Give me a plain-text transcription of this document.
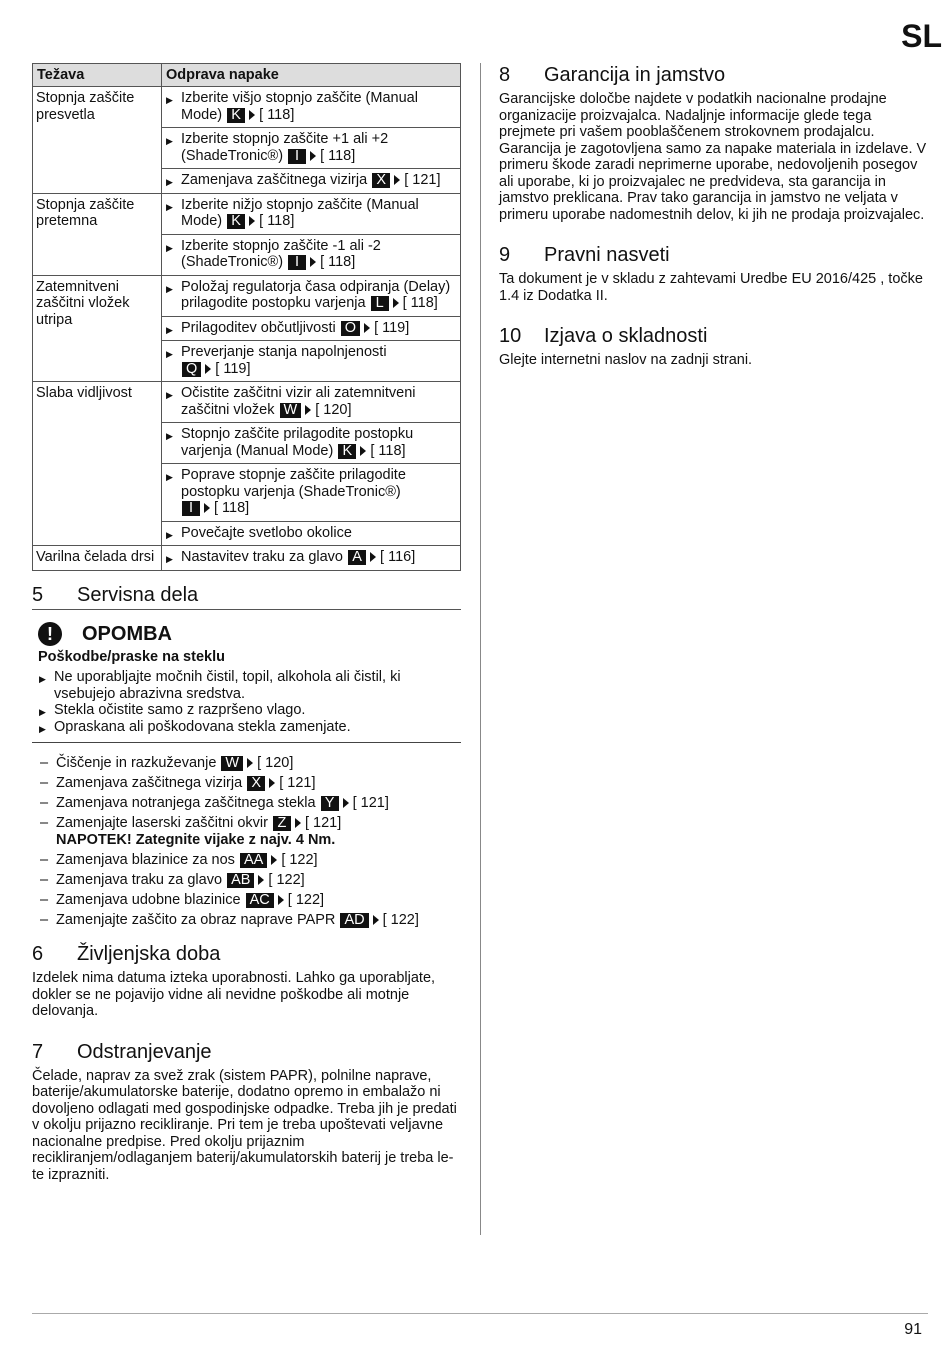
SL
Težava	Odprava napake
Stopnja zaščite presvetla	▶ Izberite višjo stopnjo zaščite (Manual Mode) K [ 118]

	▶ Izberite stopnjo zaščite +1 ali +2 (ShadeTronic®) I [ 118]

	▶ Zamenjava zaščitnega vizirja X [ 121]

Stopnja zaščite pretemna	▶ Izberite nižjo stopnjo zaščite (Manual Mode) K [ 118]

	▶ Izberite stopnjo zaščite -1 ali -2 (ShadeTronic®) I [ 118]

Zatemnitveni zaščitni vložek utripa	▶ Položaj regulatorja časa odpiranja (Delay) prilagodite postopku varjenja L [ 118]

	▶ Prilagoditev občutljivosti O [ 119]

	▶ Preverjanje stanja napolnjenosti Q [ 119]

Slaba vidljivost	▶ Očistite zaščitni vizir ali zatemnitveni zaščitni vložek W [ 120]

	▶ Stopnjo zaščite prilagodite postopku varjenja (Manual Mode) K [ 118]

	▶ Poprave stopnje zaščite prilagodite postopku varjenja (ShadeTronic®) I [ 118]

	▶ Povečajte svetlobo okolice

Varilna čelada drsi	▶ Nastavitev traku za glavo A [ 116]
5 Servisna dela
!	OPOMBA
Poškodbe/praske na steklu
▶ Ne uporabljajte močnih čistil, topil, alkohola ali čistil, ki vsebujejo abrazivna sredstva.
▶ Stekla očistite samo z razpršeno vlago.
▶ Opraskana ali poškodovana stekla zamenjate.
– Čiščenje in razkuževanje W [ 120]
– Zamenjava zaščitnega vizirja X [ 121]
– Zamenjava notranjega zaščitnega stekla Y [ 121]
– Zamenjajte laserski zaščitni okvir Z [ 121]
NAPOTEK! Zategnite vijake z najv. 4 Nm.
– Zamenjava blazinice za nos AA [ 122]
– Zamenjava traku za glavo AB [ 122]
– Zamenjava udobne blazinice AC [ 122]
– Zamenjajte zaščito za obraz naprave PAPR AD [ 122]
6 Življenjska doba

Izdelek nima datuma izteka uporabnosti. Lahko ga uporabljate, dokler se ne pojavijo vidne ali nevidne poškodbe ali motnje delovanja.

7 Odstranjevanje

Čelade, naprav za svež zrak (sistem PAPR), polnilne naprave, baterije/akumulatorske baterije, dodatno opremo in embalažo ni dovoljeno odlagati med gospodinjske odpadke. Treba jih je predati v okolju prijazno recikliranje. Pri tem je treba upoštevati veljavne nacionalne predpise. Pred okolju prijaznim recikliranjem/odlaganjem baterij/akumulatorskih baterij je treba le-te izprazniti.

8 Garancija in jamstvo

Garancijske določbe najdete v podatkih nacionalne prodajne organizacije proizvajalca. Nadaljnje informacije glede tega prejmete pri vašem pooblaščenem strokovnem prodajalcu. Garancija je zagotovljena samo za napake materiala in izdelave. V primeru škode zaradi neprimerne uporabe, nedovoljenih posegov ali uporabe, ki jo proizvajalec ne predvideva, sta garancija in jamstvo preklicana. Prav tako garancija in jamstvo ne veljata v primeru uporabe nadomestnih delov, ki jih ne prodaja proizvajalec.

9 Pravni nasveti

Ta dokument je v skladu z zahtevami Uredbe EU 2016/425 , točke 1.4 iz Dodatka II.

10 Izjava o skladnosti

Glejte internetni naslov na zadnji strani.

91
